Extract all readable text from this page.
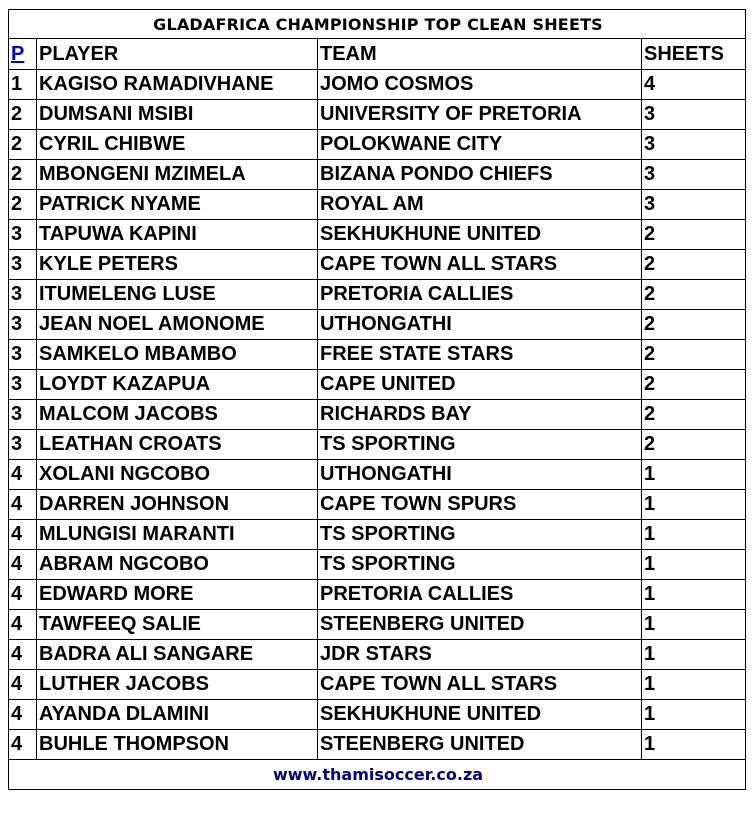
GLADAFRICA CHAMPIONSHIP TOP CLEAN SHEETS			
P	PLAYER	TEAM	SHEETS
1	KAGISO RAMADIVHANE	JOMO COSMOS	4
2	DUMSANI MSIBI	UNIVERSITY OF PRETORIA	3
2	CYRIL CHIBWE	POLOKWANE CITY	3
2	MBONGENI MZIMELA	BIZANA PONDO CHIEFS	3
2	PATRICK NYAME	ROYAL AM	3
3	TAPUWA KAPINI	SEKHUKHUNE UNITED	2
3	KYLE PETERS	CAPE TOWN ALL STARS	2
3	ITUMELENG LUSE	PRETORIA CALLIES	2
3	JEAN NOEL AMONOME	UTHONGATHI	2
3	SAMKELO MBAMBO	FREE STATE STARS	2
3	LOYDT KAZAPUA	CAPE UNITED	2
3	MALCOM JACOBS	RICHARDS BAY	2
3	LEATHAN CROATS	TS SPORTING	2
4	XOLANI NGCOBO	UTHONGATHI	1
4	DARREN JOHNSON	CAPE TOWN SPURS	1
4	MLUNGISI MARANTI	TS SPORTING	1
4	ABRAM NGCOBO	TS SPORTING	1
4	EDWARD MORE	PRETORIA CALLIES	1
4	TAWFEEQ SALIE	STEENBERG UNITED	1
4	BADRA ALI SANGARE	JDR STARS	1
4	LUTHER JACOBS	CAPE TOWN ALL STARS	1
4	AYANDA DLAMINI	SEKHUKHUNE UNITED	1
4	BUHLE THOMPSON	STEENBERG UNITED	1
www.thamisoccer.co.za			
